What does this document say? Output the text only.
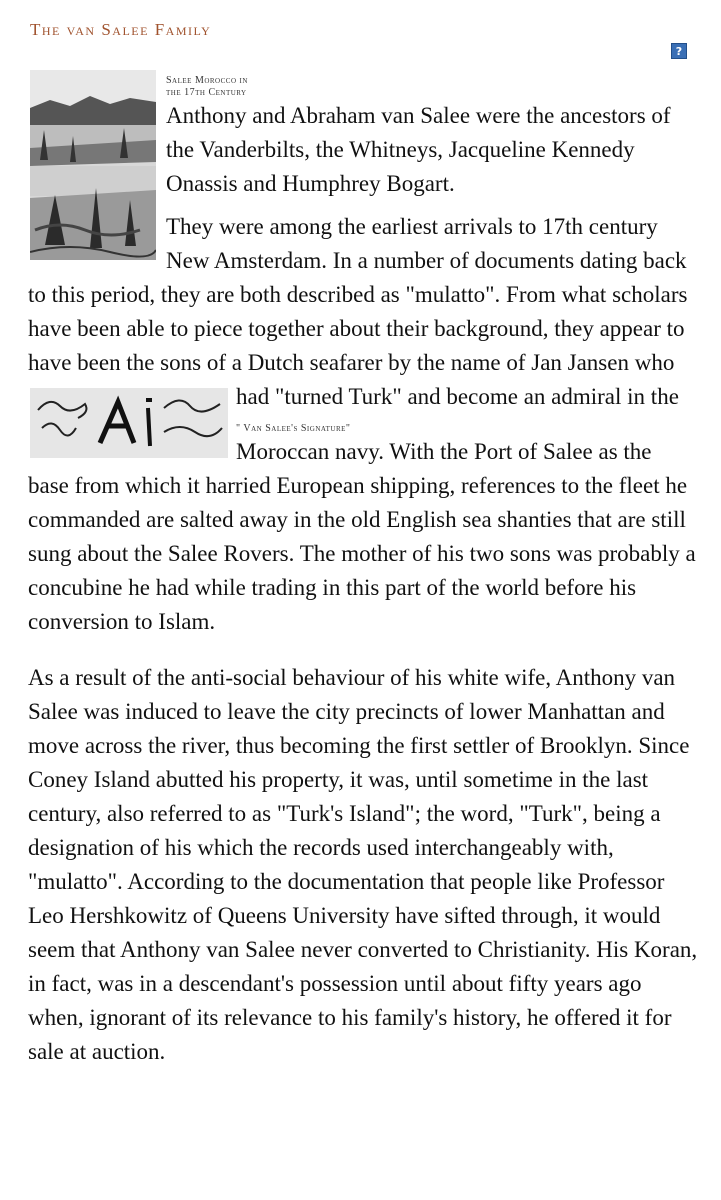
The van Salee Family
?

Salee Morocco in
the 17th Century
Anthony and Abraham van Salee were the ancestors of the Vanderbilts, the Whitneys, Jacqueline Kennedy Onassis and Humphrey Bogart.

They were among the earliest arrivals to 17th century New Amsterdam. In a number of documents dating back to this period, they are both described as "mulatto". From what scholars have been able to piece together about their background, they appear to have been the sons of a Dutch seafarer by the name of Jan Jansen who had "turned Turk" and become an admiral in the

" Van Salee's Signature"
Moroccan navy. With the Port of Salee as the base from which it harried European shipping, references to the fleet he commanded are salted away in the old English sea shanties that are still sung about the Salee Rovers. The mother of his two sons was probably a concubine he had while trading in this part of the world before his conversion to Islam.

As a result of the anti-social behaviour of his white wife, Anthony van Salee was induced to leave the city precincts of lower Manhattan and move across the river, thus becoming the first settler of Brooklyn. Since Coney Island abutted his property, it was, until sometime in the last century, also referred to as "Turk's Island"; the word, "Turk", being a designation of his which the records used interchangeably with, "mulatto". According to the documentation that people like Professor Leo Hershkowitz of Queens University have sifted through, it would seem that Anthony van Salee never converted to Christianity. His Koran, in fact, was in a descendant's possession until about fifty years ago when, ignorant of its relevance to his family's history, he offered it for sale at auction.
